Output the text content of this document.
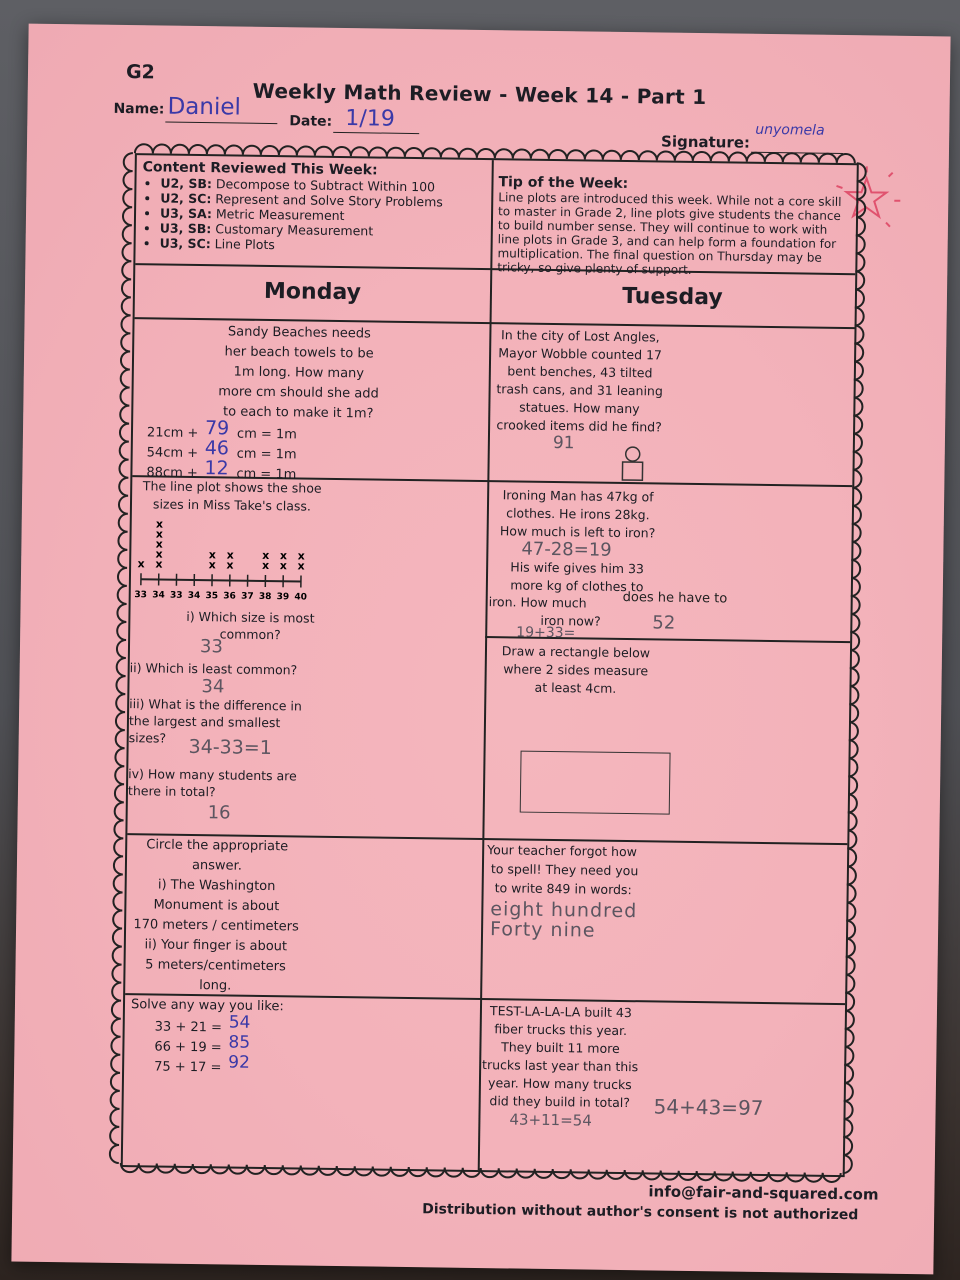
G2
Weekly Math Review - Week 14 - Part 1
Name: Daniel
Date: 1/19
Signature:
unyomela
Content Reviewed This Week:
• U2, SB: Decompose to Subtract Within 100
• U2, SC: Represent and Solve Story Problems
• U3, SA: Metric Measurement
• U3, SB: Customary Measurement
• U3, SC: Line Plots
Tip of the Week:
Line plots are introduced this week. While not a core skill to master in Grade 2, line plots give students the chance to build number sense. They will continue to work with line plots in Grade 3, and can help form a foundation for multiplication. The final question on Thursday may be tricky, so give plenty of support.
Monday	Tuesday
Sandy Beaches needs
her beach towels to be
1m long. How many
more cm should she add
to each to make it 1m?
21cm + 79 cm = 1m
54cm + 46 cm = 1m
88cm + 12 cm = 1m
The line plot shows the shoe
sizes in Miss Take's class.
x x
x
x
x
x
x
x
x
x
x
x
x
x
x
x
33 34 33 34 35 36 37 38 39 40
i) Which size is most
common?
33
ii) Which is least common?
34
iii) What is the difference in
the largest and smallest
sizes?	34-33=1
iv) How many students are
there in total?
16
In the city of Lost Angles,
Mayor Wobble counted 17
bent benches, 43 tilted
trash cans, and 31 leaning
statues. How many
crooked items did he find?
91
Ironing Man has 47kg of
clothes. He irons 28kg.
How much is left to iron?
47-28=19
His wife gives him 33
more kg of clothes to
iron. How much	does he have to
iron now?
19+33=	52
Draw a rectangle below
where 2 sides measure
at least 4cm.
Circle the appropriate
answer.
i) The Washington
Monument is about
170 meters / centimeters
ii) Your finger is about
5 meters/centimeters
long.
Your teacher forgot how
to spell! They need you
to write 849 in words:
eight hundred
Forty nine
Solve any way you like:
33 + 21 =
66 + 19 =
75 + 17 =
54
85
92
TEST-LA-LA-LA built 43
fiber trucks this year.
They built 11 more
trucks last year than this
year. How many trucks
did they build in total?
43+11=54
54+43=97
info@fair-and-squared.com
Distribution without author's consent is not authorized
